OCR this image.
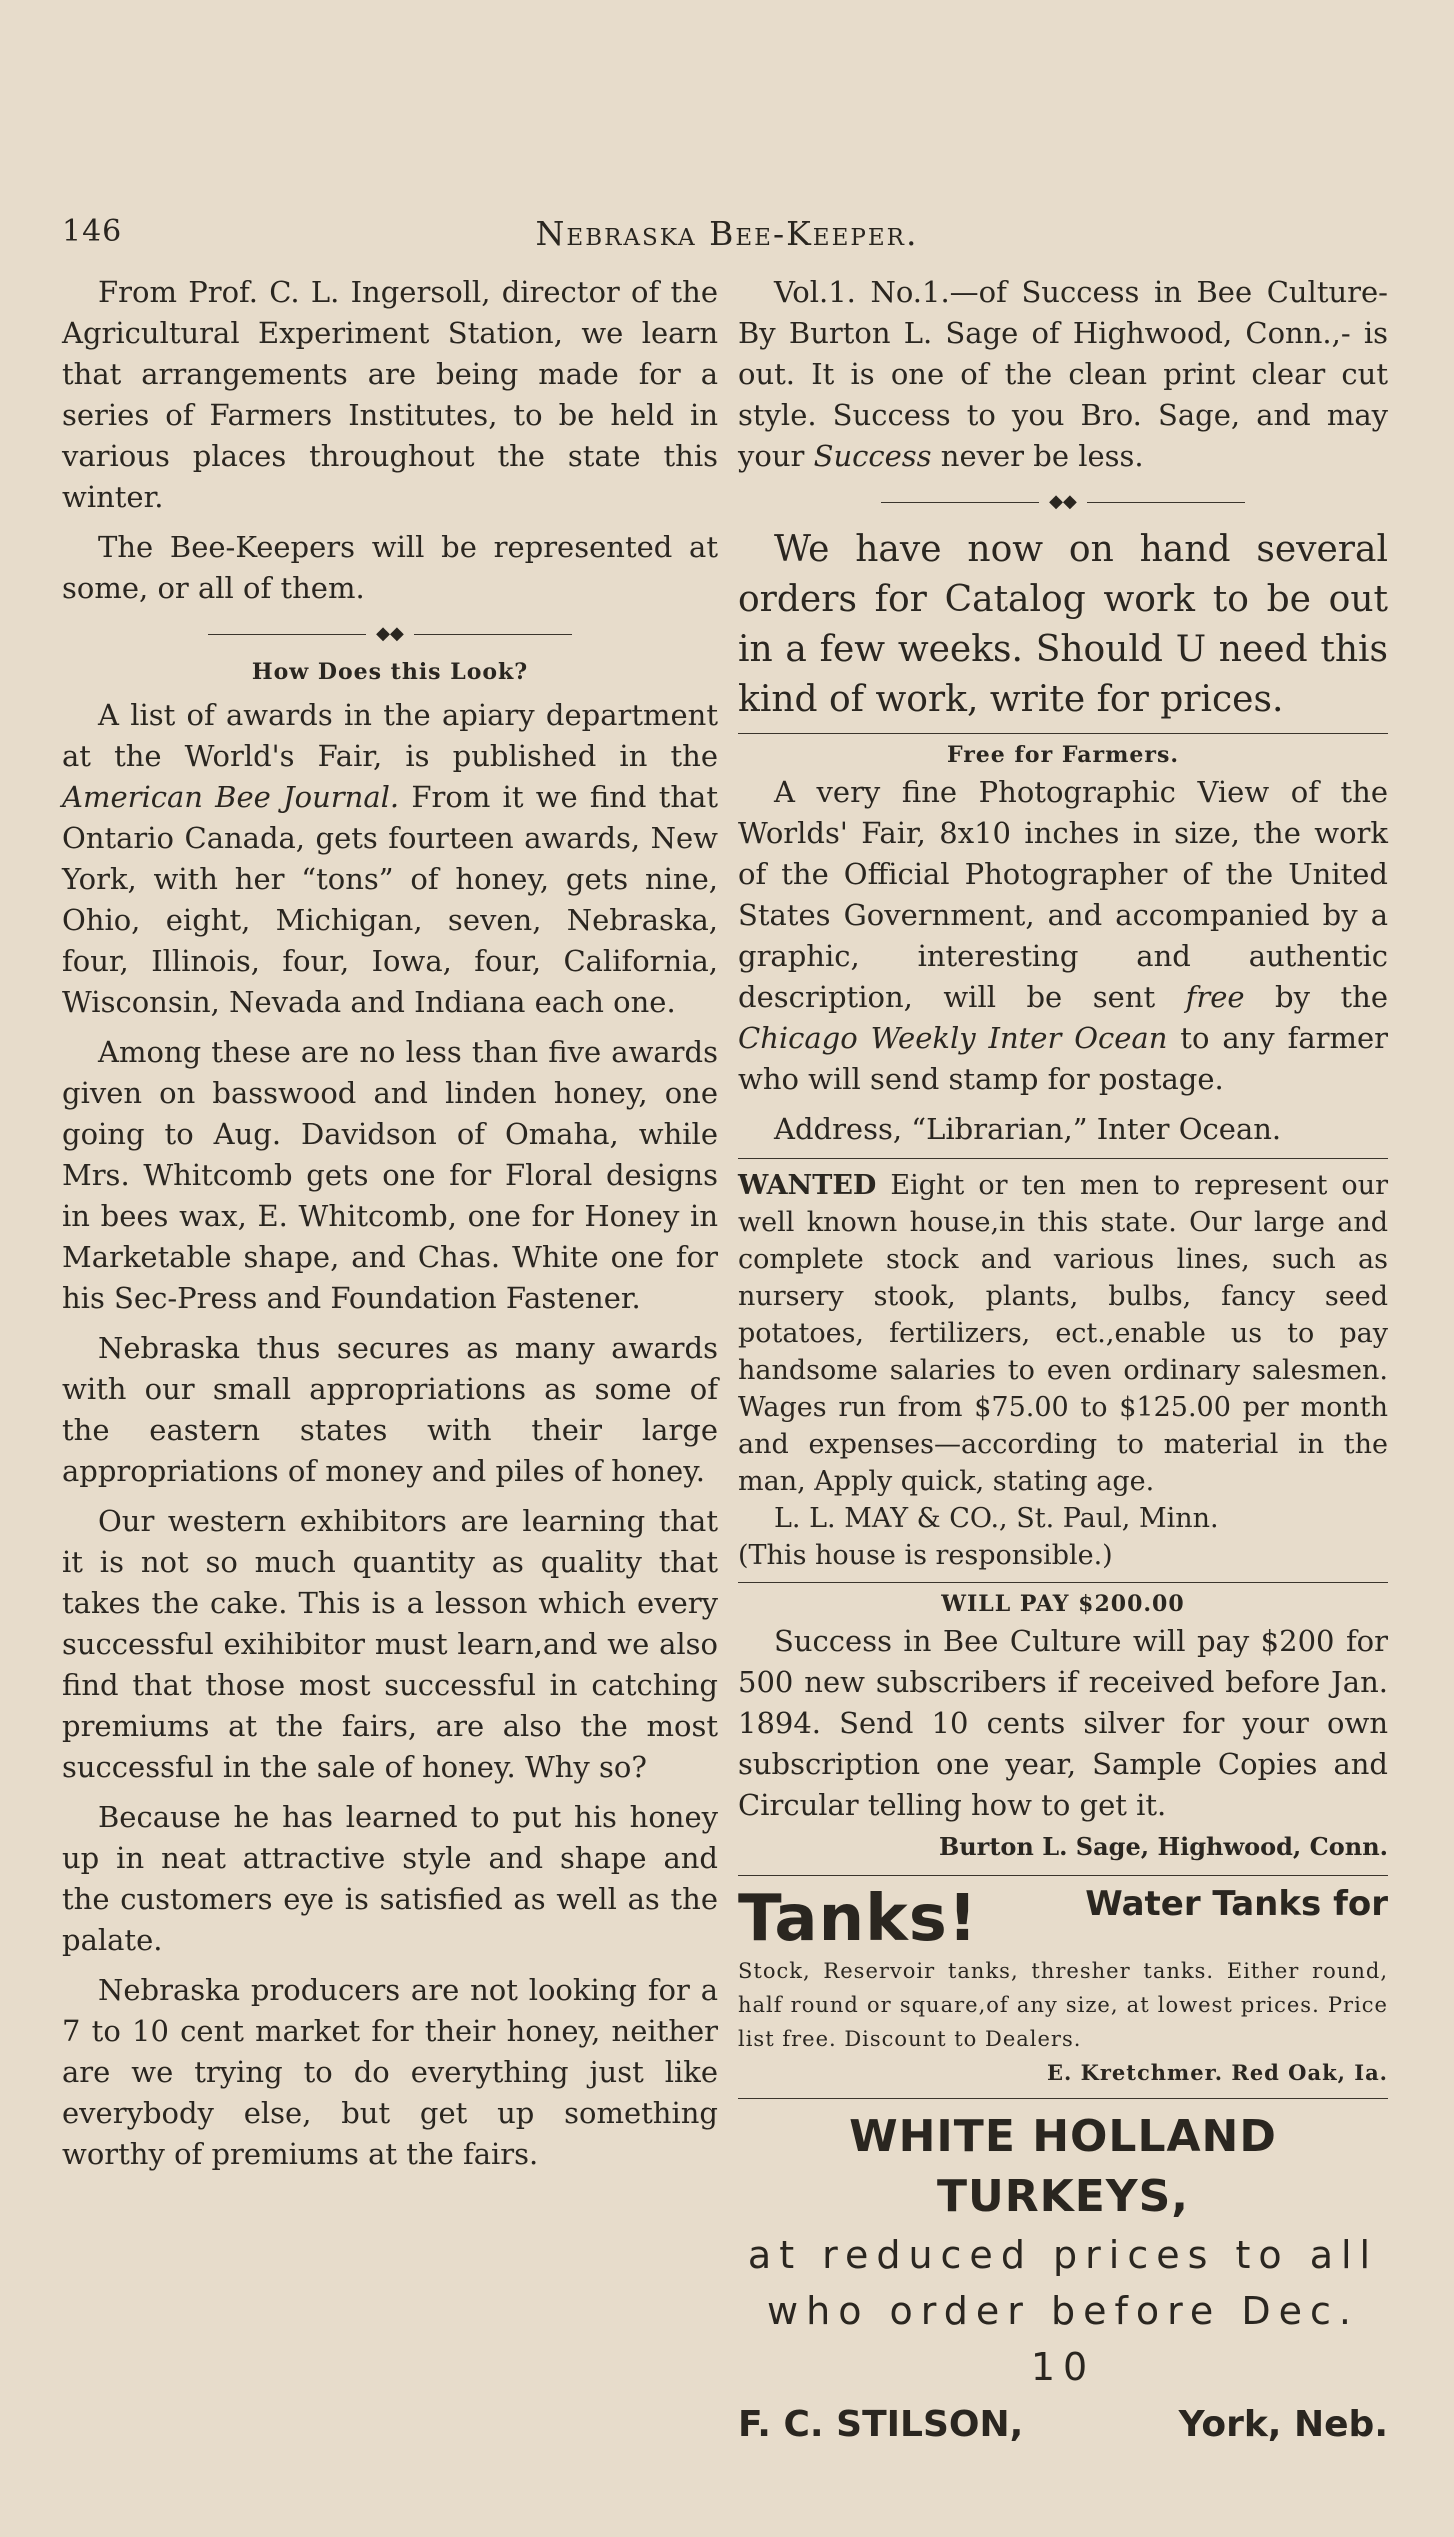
146	Nebraska Bee-Keeper.

From Prof. C. L. Ingersoll, director of the Agricultural Experiment Station, we learn that arrangements are being made for a series of Farmers Institutes, to be held in various places throughout the state this winter.

The Bee-Keepers will be represented at some, or all of them.

◆◆
How Does this Look?

A list of awards in the apiary department at the World's Fair, is published in the American Bee Journal. From it we find that Ontario Canada, gets fourteen awards, New York, with her “tons” of honey, gets nine, Ohio, eight, Michigan, seven, Nebraska, four, Illinois, four, Iowa, four, California, Wisconsin, Nevada and Indiana each one.

Among these are no less than five awards given on basswood and linden honey, one going to Aug. Davidson of Omaha, while Mrs. Whitcomb gets one for Floral designs in bees wax, E. Whitcomb, one for Honey in Marketable shape, and Chas. White one for his Sec-Press and Foundation Fastener.

Nebraska thus secures as many awards with our small appropriations as some of the eastern states with their large appropriations of money and piles of honey.

Our western exhibitors are learning that it is not so much quantity as quality that takes the cake. This is a lesson which every successful exihibitor must learn,and we also find that those most successful in catching premiums at the fairs, are also the most successful in the sale of honey. Why so?

Because he has learned to put his honey up in neat attractive style and shape and the customers eye is satisfied as well as the palate.

Nebraska producers are not looking for a 7 to 10 cent market for their honey, neither are we trying to do everything just like everybody else, but get up something worthy of premiums at the fairs.

Vol.1. No.1.—of Success in Bee Culture-By Burton L. Sage of Highwood, Conn.,- is out. It is one of the clean print clear cut style. Success to you Bro. Sage, and may your Success never be less.

◆◆

We have now on hand several orders for Catalog work to be out in a few weeks. Should U need this kind of work, write for prices.

Free for Farmers.

A very fine Photographic View of the Worlds' Fair, 8x10 inches in size, the work of the Official Photographer of the United States Government, and accompanied by a graphic, interesting and authentic description, will be sent free by the Chicago Weekly Inter Ocean to any farmer who will send stamp for postage.

Address, “Librarian,” Inter Ocean.

WANTED Eight or ten men to represent our well known house,in this state. Our large and complete stock and various lines, such as nursery stook, plants, bulbs, fancy seed potatoes, fertilizers, ect.,enable us to pay handsome salaries to even ordinary salesmen. Wages run from $75.00 to $125.00 per month and expenses—according to material in the man, Apply quick, stating age.

L. L. MAY & CO., St. Paul, Minn.

(This house is responsible.)

WILL PAY $200.00

Success in Bee Culture will pay $200 for 500 new subscribers if received before Jan. 1894. Send 10 cents silver for your own subscription one year, Sample Copies and Circular telling how to get it.

Burton L. Sage, Highwood, Conn.

Tanks!	Water Tanks for
Stock, Reservoir tanks, thresher tanks. Either round, half round or square,of any size, at lowest prices. Price list free. Discount to Dealers.
E. Kretchmer. Red Oak, Ia.
WHITE HOLLAND TURKEYS,
at reduced prices to all
who order before Dec. 10
F. C. STILSON,	York, Neb.
